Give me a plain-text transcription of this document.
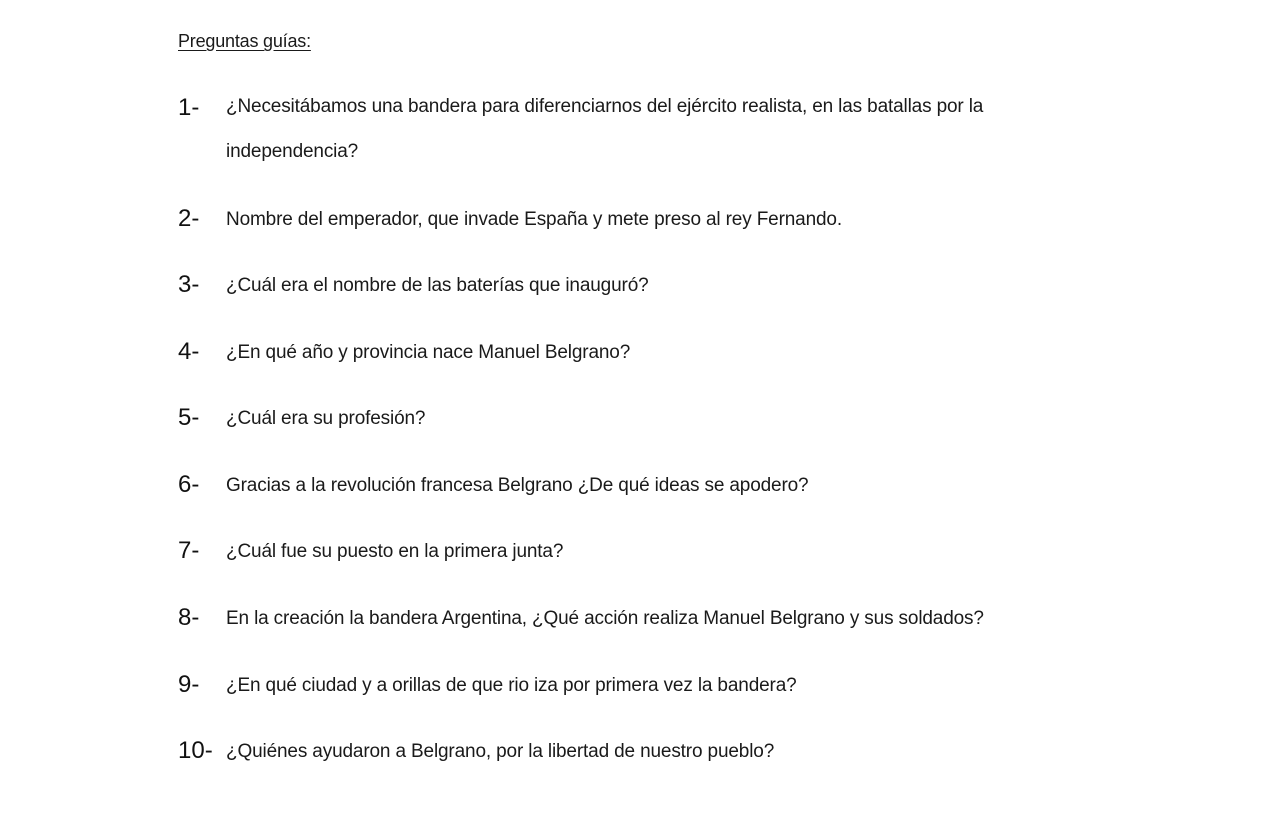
Preguntas guías:
1- ¿Necesitábamos una bandera para diferenciarnos del ejército realista, en las batallas por la independencia?
2- Nombre del emperador, que invade España y mete preso al rey Fernando.
3- ¿Cuál era el nombre de las baterías que inauguró?
4- ¿En qué año y provincia nace Manuel Belgrano?
5- ¿Cuál era su profesión?
6- Gracias a la revolución francesa Belgrano ¿De qué ideas se apodero?
7- ¿Cuál fue su puesto en la primera junta?
8- En la creación la bandera Argentina, ¿Qué acción realiza Manuel Belgrano y sus soldados?
9- ¿En qué ciudad y a orillas de que rio iza por primera vez la bandera?
10- ¿Quiénes ayudaron a Belgrano, por la libertad de nuestro pueblo?
